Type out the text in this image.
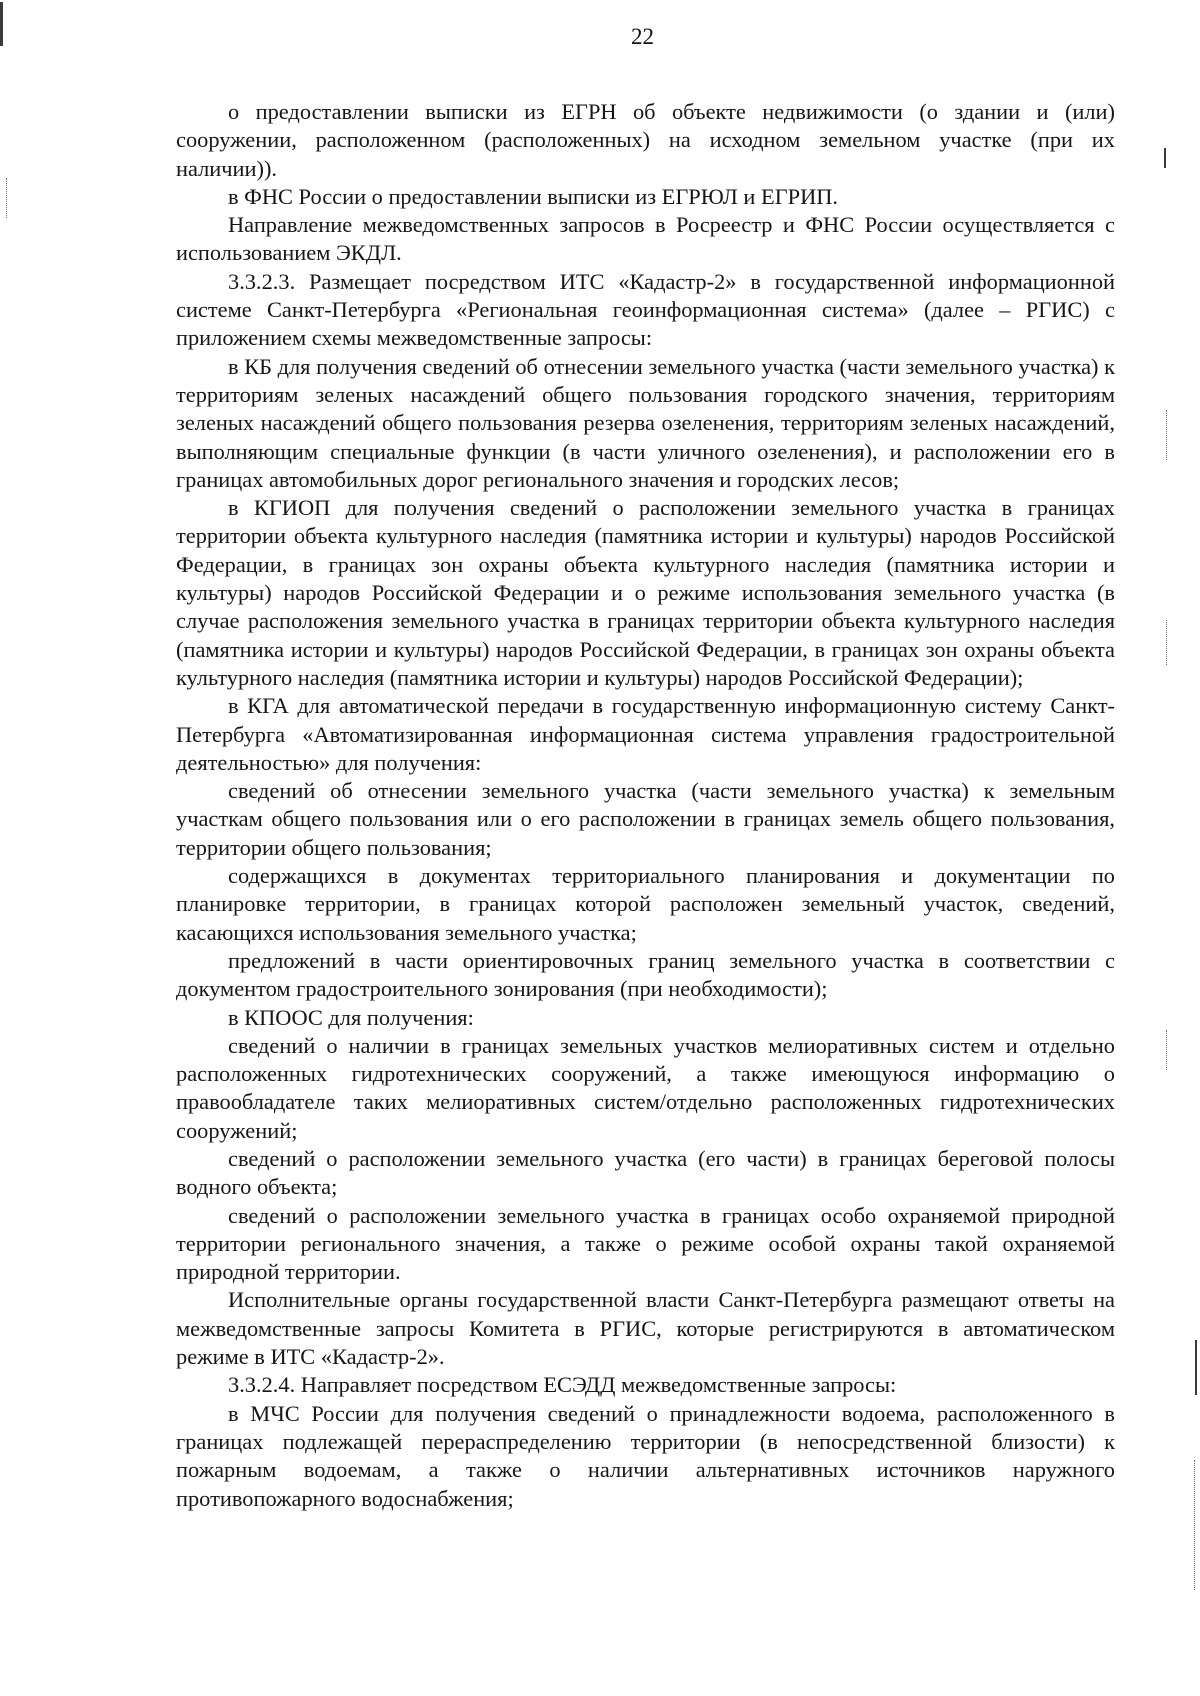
22

о предоставлении выписки из ЕГРН об объекте недвижимости (о здании и (или) сооружении, расположенном (расположенных) на исходном земельном участке (при их наличии)).

в ФНС России о предоставлении выписки из ЕГРЮЛ и ЕГРИП.

Направление межведомственных запросов в Росреестр и ФНС России осуществляется с использованием ЭКДЛ.

3.3.2.3. Размещает посредством ИТС «Кадастр-2» в государственной информационной системе Санкт-Петербурга «Региональная геоинформационная система» (далее – РГИС) с приложением схемы межведомственные запросы:

в КБ для получения сведений об отнесении земельного участка (части земельного участка) к территориям зеленых насаждений общего пользования городского значения, территориям зеленых насаждений общего пользования резерва озеленения, территориям зеленых насаждений, выполняющим специальные функции (в части уличного озеленения), и расположении его в границах автомобильных дорог регионального значения и городских лесов;

в КГИОП для получения сведений о расположении земельного участка в границах территории объекта культурного наследия (памятника истории и культуры) народов Российской Федерации, в границах зон охраны объекта культурного наследия (памятника истории и культуры) народов Российской Федерации и о режиме использования земельного участка (в случае расположения земельного участка в границах территории объекта культурного наследия (памятника истории и культуры) народов Российской Федерации, в границах зон охраны объекта культурного наследия (памятника истории и культуры) народов Российской Федерации);

в КГА для автоматической передачи в государственную информационную систему Санкт-Петербурга «Автоматизированная информационная система управления градостроительной деятельностью» для получения:

сведений об отнесении земельного участка (части земельного участка) к земельным участкам общего пользования или о его расположении в границах земель общего пользования, территории общего пользования;

содержащихся в документах территориального планирования и документации по планировке территории, в границах которой расположен земельный участок, сведений, касающихся использования земельного участка;

предложений в части ориентировочных границ земельного участка в соответствии с документом градостроительного зонирования (при необходимости);

в КПООС для получения:

сведений о наличии в границах земельных участков мелиоративных систем и отдельно расположенных гидротехнических сооружений, а также имеющуюся информацию о правообладателе таких мелиоративных систем/отдельно расположенных гидротехнических сооружений;

сведений о расположении земельного участка (его части) в границах береговой полосы водного объекта;

сведений о расположении земельного участка в границах особо охраняемой природной территории регионального значения, а также о режиме особой охраны такой охраняемой природной территории.

Исполнительные органы государственной власти Санкт-Петербурга размещают ответы на межведомственные запросы Комитета в РГИС, которые регистрируются в автоматическом режиме в ИТС «Кадастр-2».

3.3.2.4. Направляет посредством ЕСЭДД межведомственные запросы:

в МЧС России для получения сведений о принадлежности водоема, расположенного в границах подлежащей перераспределению территории (в непосредственной близости) к пожарным водоемам, а также о наличии альтернативных источников наружного противопожарного водоснабжения;
